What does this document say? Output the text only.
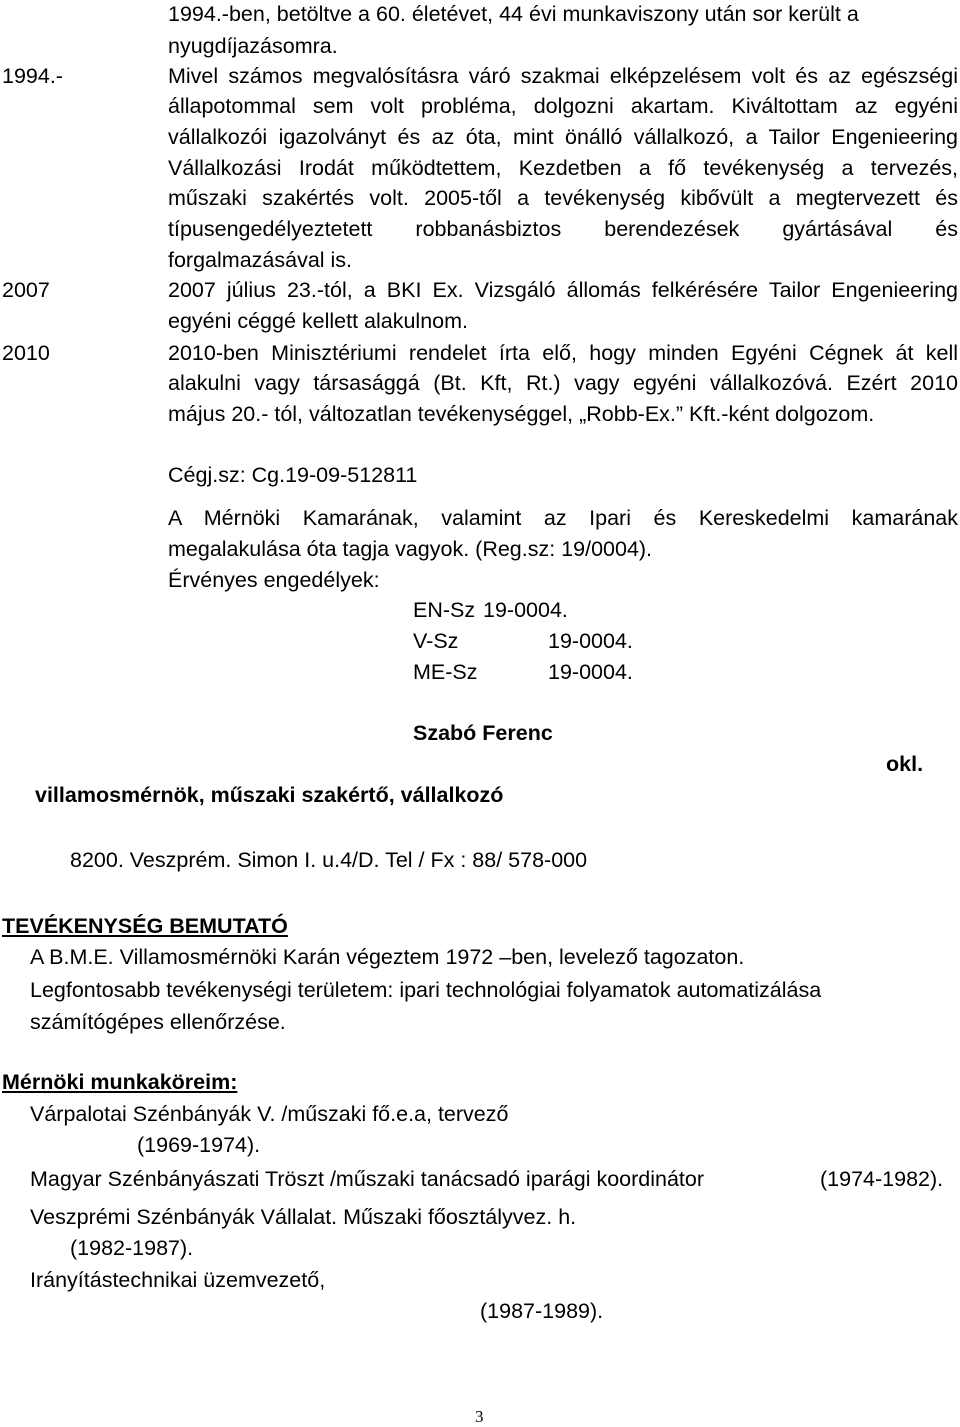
1994.-ben, betöltve a 60. életévet, 44 évi munkaviszony után sor került a
nyugdíjazásomra.
1994.-	Mivel számos megvalósításra váró szakmai elképzelésem volt és az egészségi
állapotommal sem volt probléma, dolgozni akartam. Kiváltottam az egyéni
vállalkozói igazolványt és az óta, mint önálló vállalkozó, a Tailor Engenieering
Vállalkozási Irodát működtettem, Kezdetben a fő tevékenység a tervezés,
műszaki szakértés volt. 2005-től a tevékenység kibővült a megtervezett és
típusengedélyeztetett robbanásbiztos berendezések gyártásával és
forgalmazásával is.
2007	2007 július 23.-tól, a BKI Ex. Vizsgáló állomás felkérésére Tailor Engenieering
egyéni céggé kellett alakulnom.
2010	2010-ben Minisztériumi rendelet írta elő, hogy minden Egyéni Cégnek át kell
alakulni vagy társasággá (Bt. Kft, Rt.) vagy egyéni vállalkozóvá. Ezért 2010
május 20.- tól, változatlan tevékenységgel, „Robb-Ex.” Kft.-ként dolgozom.
Cégj.sz: Cg.19-09-512811
A Mérnöki Kamarának, valamint az Ipari és Kereskedelmi kamarának
megalakulása óta tagja vagyok. (Reg.sz: 19/0004).
Érvényes engedélyek:
EN-Sz 19-0004.
V-Sz	19-0004.
ME-Sz	19-0004.
Szabó Ferenc
okl.
villamosmérnök, műszaki szakértő, vállalkozó
8200. Veszprém. Simon I. u.4/D. Tel / Fx : 88/ 578-000
TEVÉKENYSÉG BEMUTATÓ
A B.M.E. Villamosmérnöki Karán végeztem 1972 –ben, levelező tagozaton.
Legfontosabb tevékenységi területem: ipari technológiai folyamatok automatizálása
számítógépes ellenőrzése.
Mérnöki munkaköreim:
Várpalotai Szénbányák V. /műszaki fő.e.a, tervező
(1969-1974).
Magyar Szénbányászati Tröszt /műszaki tanácsadó iparági koordinátor	(1974-1982).
Veszprémi Szénbányák Vállalat. Műszaki főosztályvez. h.
(1982-1987).
Irányítástechnikai üzemvezető,
(1987-1989).
3
